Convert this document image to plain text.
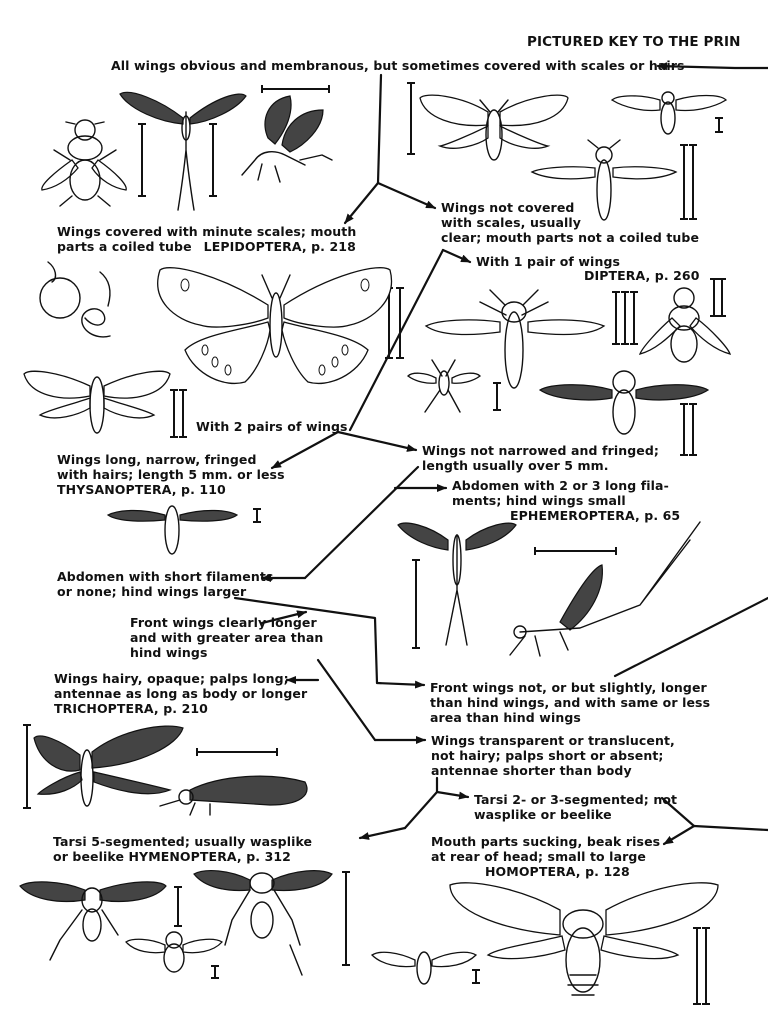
PICTURED KEY TO THE PRIN
All wings obvious and membranous, but sometimes covered with scales or hairs
Wings covered with minute scales; mouth
parts a coiled tube LEPIDOPTERA, p. 218
Wings not covered
with scales, usually
clear; mouth parts not a coiled tube
With 1 pair of wings
DIPTERA, p. 260
With 2 pairs of wings
Wings long, narrow, fringed
with hairs; length 5 mm. or less
THYSANOPTERA, p. 110
Wings not narrowed and fringed;
length usually over 5 mm.
Abdomen with 2 or 3 long fila-
ments; hind wings small
EPHEMEROPTERA, p. 65
Abdomen with short filaments
or none; hind wings larger
Front wings clearly longer
and with greater area than
hind wings
Wings hairy, opaque; palps long;
antennae as long as body or longer
TRICHOPTERA, p. 210
Front wings not, or but slightly, longer
than hind wings, and with same or less
area than hind wings
Wings transparent or translucent,
not hairy; palps short or absent;
antennae shorter than body
Tarsi 2- or 3-segmented; not
wasplike or beelike
Tarsi 5-segmented; usually wasplike
or beelike HYMENOPTERA, p. 312
Mouth parts sucking, beak rises
at rear of head; small to large
HOMOPTERA, p. 128
